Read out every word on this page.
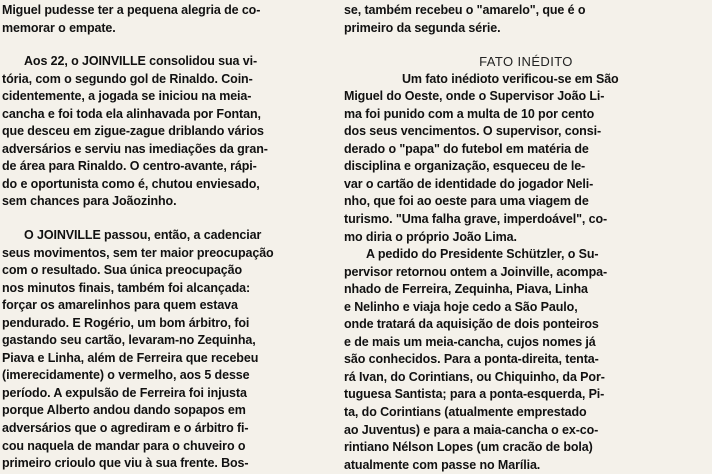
Miguel pudesse ter a pequena alegria de co-
memorar o empate.
Aos 22, o JOINVILLE consolidou sua vi-
tória, com o segundo gol de Rinaldo. Coin-
cidentemente, a jogada se iniciou na meia-
cancha e foi toda ela alinhavada por Fontan,
que desceu em zigue-zague driblando vários
adversários e serviu nas imediações da gran-
de área para Rinaldo. O centro-avante, rápi-
do e oportunista como é, chutou enviesado,
sem chances para Joãozinho.
O JOINVILLE passou, então, a cadenciar
seus movimentos, sem ter maior preocupação
com o resultado. Sua única preocupação
nos minutos finais, também foi alcançada:
forçar os amarelinhos para quem estava
pendurado. E Rogério, um bom árbitro, foi
gastando seu cartão, levaram-no Zequinha,
Piava e Linha, além de Ferreira que recebeu
(imerecidamente) o vermelho, aos 5 desse
período. A expulsão de Ferreira foi injusta
porque Alberto andou dando sopapos em
adversários que o agrediram e o árbitro fi-
cou naquela de mandar para o chuveiro o
primeiro crioulo que viu à sua frente. Bos-
se, também recebeu o "amarelo", que é o
primeiro da segunda série.
FATO INÉDITO
Um fato inédioto verificou-se em São
Miguel do Oeste, onde o Supervisor João Li-
ma foi punido com a multa de 10 por cento
dos seus vencimentos. O supervisor, consi-
derado o "papa" do futebol em matéria de
disciplina e organização, esqueceu de le-
var o cartão de identidade do jogador Neli-
nho, que foi ao oeste para uma viagem de
turismo. "Uma falha grave, imperdoável", co-
mo diria o próprio João Lima.
A pedido do Presidente Schützler, o Su-
pervisor retornou ontem a Joinville, acompa-
nhado de Ferreira, Zequinha, Piava, Linha
e Nelinho e viaja hoje cedo a São Paulo,
onde tratará da aquisição de dois ponteiros
e de mais um meia-cancha, cujos nomes já
são conhecidos. Para a ponta-direita, tenta-
rá Ivan, do Corintians, ou Chiquinho, da Por-
tuguesa Santista; para a ponta-esquerda, Pi-
ta, do Corintians (atualmente emprestado
ao Juventus) e para a maia-cancha o ex-co-
rintiano Nélson Lopes (um cracão de bola)
atualmente com passe no Marília.
